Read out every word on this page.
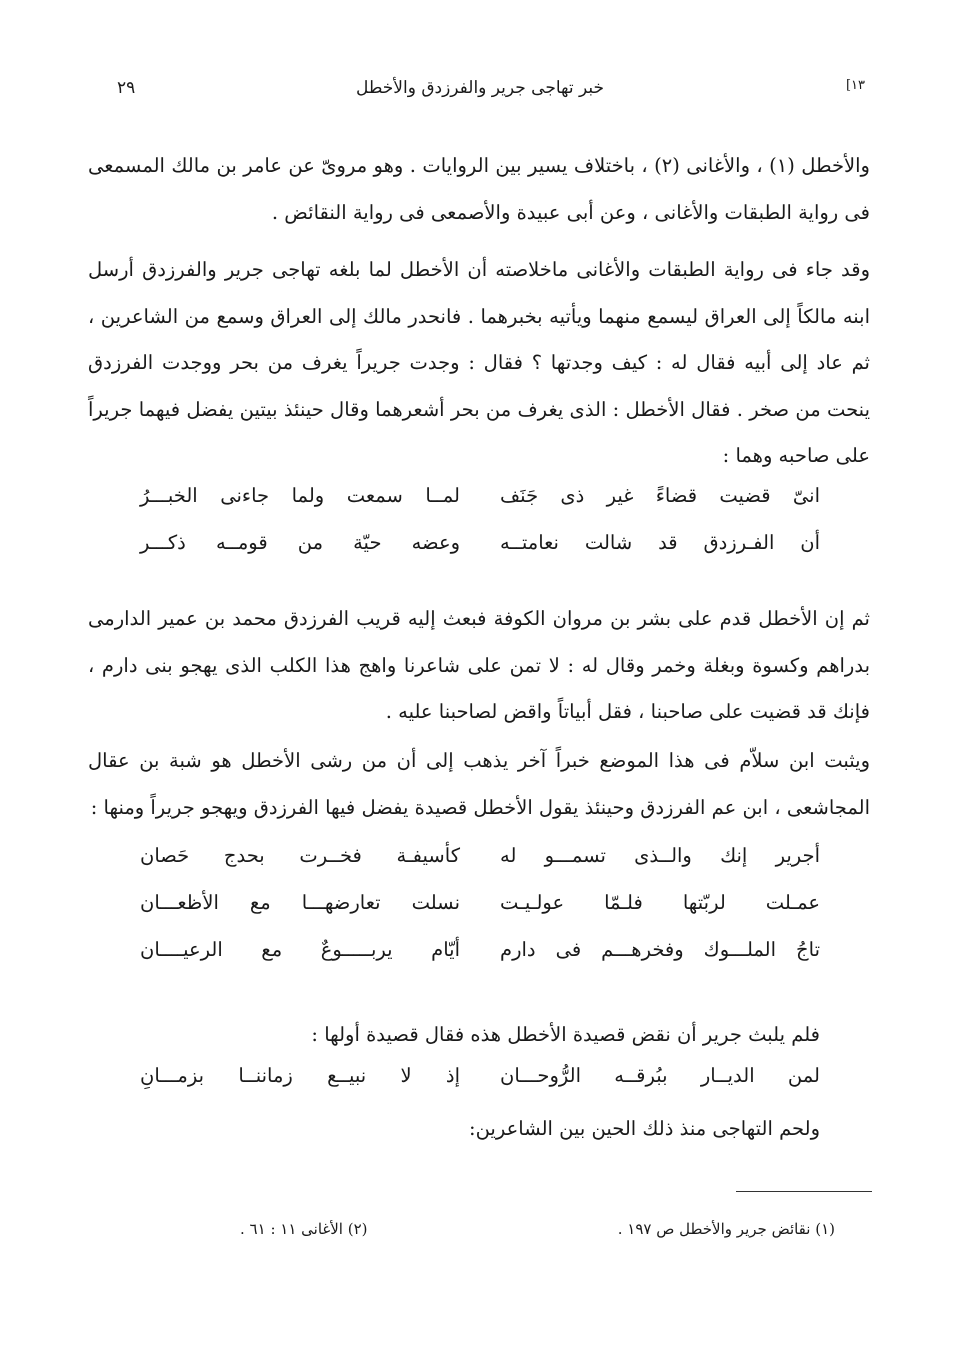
٢٩	خبر تهاجى جرير والفرزدق والأخطل	[١٣

والأخطل (١) ، والأغانى (٢) ، باختلاف يسير بين الروايات . وهو مروىّ عن عامر بن مالك المسمعى فى رواية الطبقات والأغانى ، وعن أبى عبيدة والأصمعى فى رواية النقائض .

وقد جاء فى رواية الطبقات والأغانى ماخلاصته أن الأخطل لما بلغه تهاجى جرير والفرزدق أرسل ابنه مالكاً إلى العراق ليسمع منهما ويأتيه بخبرهما . فانحدر مالك إلى العراق وسمع من الشاعرين ، ثم عاد إلى أبيه فقال له : كيف وجدتها ؟ فقال : وجدت جريراً يغرف من بحر ووجدت الفرزدق ينحت من صخر . فقال الأخطل : الذى يغرف من بحر أشعرهما وقال حينئذ بيتين يفضل فيهما جريراً على صاحبه وهما :

انىّ قضيت قضاءً غير ذى جَنَف
لمــا سمعت ولما جاءنى الخبـــرُ
أن الفـرزدق قد شالت نعامتــه
وعضه حيّة من قومــه ذكـــر

ثم إن الأخطل قدم على بشر بن مروان الكوفة فبعث إليه قريب الفرزدق محمد بن عمير الدارمى بدراهم وكسوة وبغلة وخمر وقال له : لا تمن على شاعرنا واهج هذا الكلب الذى يهجو بنى دارم ، فإنك قد قضيت على صاحبنا ، فقل أبياتاً واقض لصاحبنا عليه .

ويثبت ابن سلاّم فى هذا الموضع خبراً آخر يذهب إلى أن من رشى الأخطل هو شبة بن عقال المجاشعى ، ابن عم الفرزدق وحينئذ يقول الأخطل قصيدة يفضل فيها الفرزدق ويهجو جريراً ومنها :

أجرير إنك والــذى تسمـــو له
كأسيفـة فخــرت بحدج حَصان
عمـلت لربّتها فلـمّا عولـيـت
نسلت تعارضهـــا مع الأظعـــان
تاجُ الملـــوك وفخرهـــم فى دارم
أيّام يربـــــوعٌ مع الرعيــــان

فلم يلبث جرير أن نقض قصيدة الأخطل هذه فقال قصيدة أولها :

لمن الديــار ببُرقــه الرُّوحـــان
إذ لا نبيــع زماننــا بزمـــانِ

ولحم التهاجى منذ ذلك الحين بين الشاعرين:

(١) نقائض جرير والأخطل ص ١٩٧ .
(٢) الأغانى ١١ : ٦١ .
